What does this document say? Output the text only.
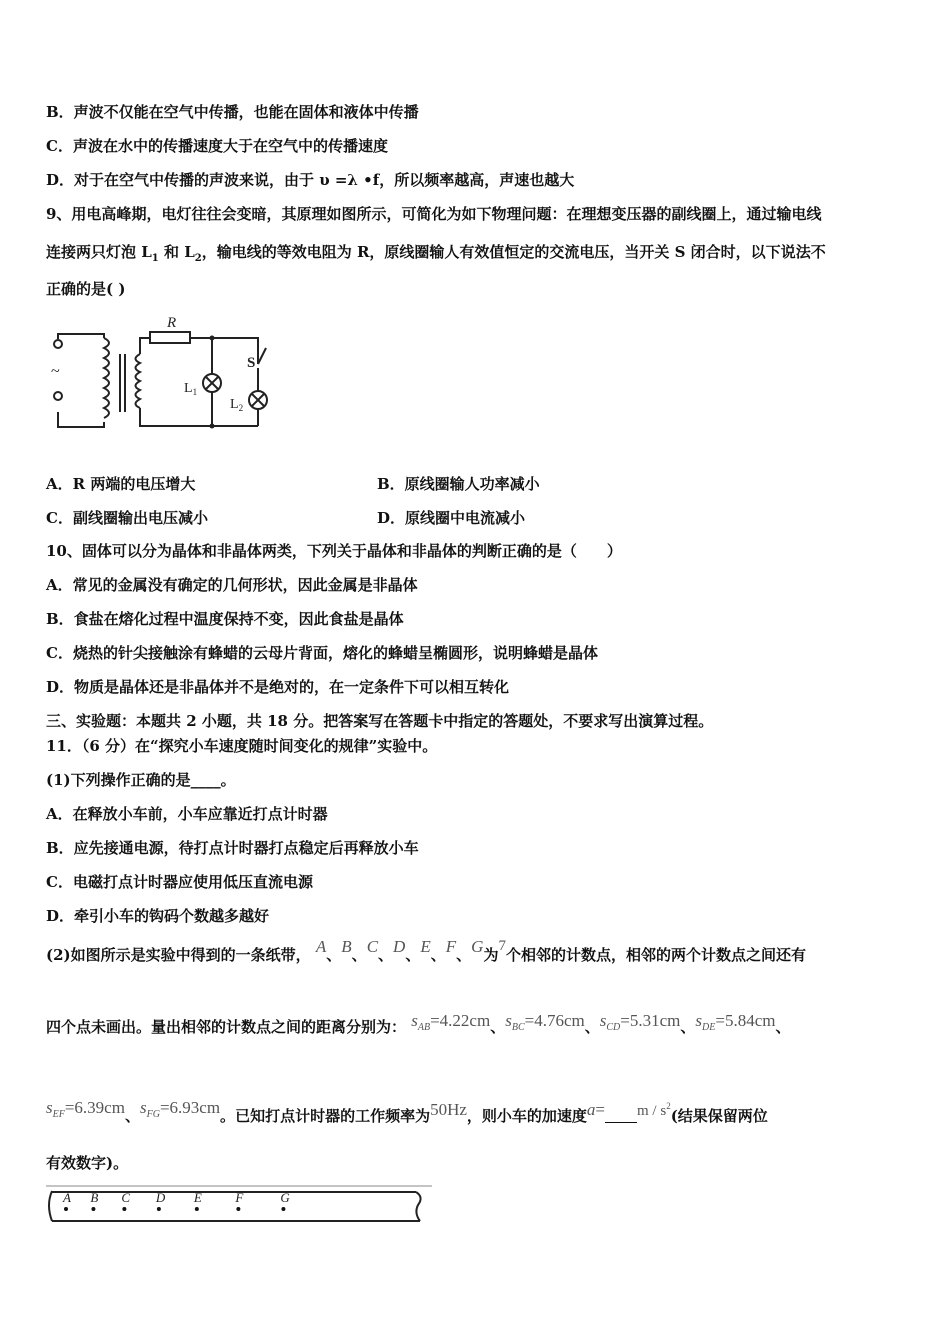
B．声波不仅能在空气中传播，也能在固体和液体中传播
C．声波在水中的传播速度大于在空气中的传播速度
D．对于在空气中传播的声波来说，由于 υ =λ •f，所以频率越高，声速也越大
9、用电高峰期，电灯往往会变暗，其原理如图所示，可简化为如下物理问题：在理想变压器的副线圈上，通过输电线
连接两只灯泡 $L_1$ 和 $L_2$，输电线的等效电阻为 R，原线圈输人有效值恒定的交流电压，当开关 S 闭合时，以下说法不
正确的是( )
R
S
~
$L_1$
$L_2$
A．R 两端的电压增大	B．原线圈输人功率减小
C．副线圈输出电压减小	D．原线圈中电流减小
10、固体可以分为晶体和非晶体两类，下列关于晶体和非晶体的判断正确的是（　　）
A．常见的金属没有确定的几何形状，因此金属是非晶体
B．食盐在熔化过程中温度保持不变，因此食盐是晶体
C．烧热的针尖接触涂有蜂蜡的云母片背面，熔化的蜂蜡呈椭圆形，说明蜂蜡是晶体
D．物质是晶体还是非晶体并不是绝对的，在一定条件下可以相互转化
三、实验题：本题共 2 小题，共 18 分。把答案写在答题卡中指定的答题处，不要求写出演算过程。
11．（6 分）在“探究小车速度随时间变化的规律”实验中。
(1)下列操作正确的是____。
A．在释放小车前，小车应靠近打点计时器
B．应先接通电源，待打点计时器打点稳定后再释放小车
C．电磁打点计时器应使用低压直流电源
D．牵引小车的钩码个数越多越好
(2)如图所示是实验中得到的一条纸带， A、B、C、D、E、F、G为7个相邻的计数点，相邻的两个计数点之间还有
四个点未画出。量出相邻的计数点之间的距离分别为： $s_{AB}=4.22cm$、$s_{BC}=4.76cm$、$s_{CD}=5.31cm$、$s_{DE}=5.84cm$、
$s_{EF}=6.39cm$、$s_{FG}=6.93cm$。已知打点计时器的工作频率为50Hz，则小车的加速度$a= m / s^2$(结果保留两位
有效数字)。
A B C D E	F	G
